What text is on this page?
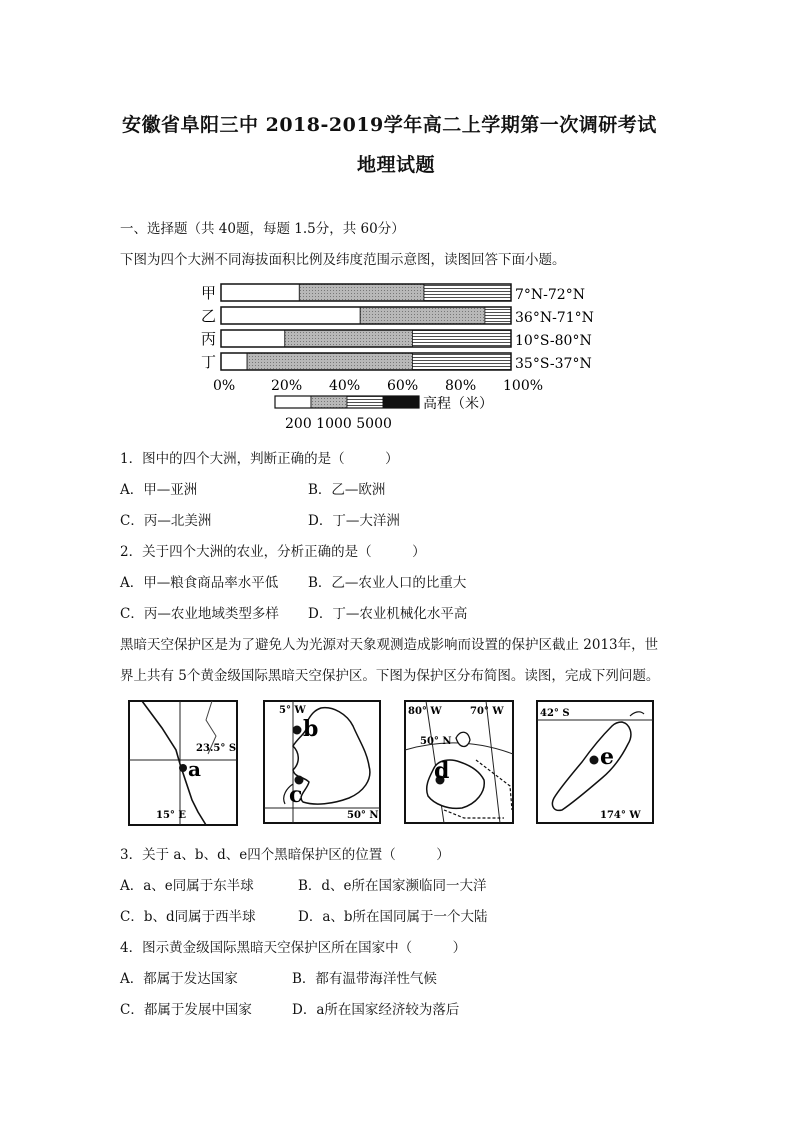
安徽省阜阳三中 2018-2019学年高二上学期第一次调研考试
地理试题
一、选择题（共 40题，每题 1.5分，共 60分）
下图为四个大洲不同海拔面积比例及纬度范围示意图，读图回答下面小题。
甲	7°N-72°N
乙	36°N-71°N
丙	10°S-80°N
丁	35°S-37°N
0%	20% 40% 60% 80% 100%
高程（米）
200 1000 5000
1．图中的四个大洲，判断正确的是（　　　）
A．甲—亚洲	B．乙—欧洲
C．丙—北美洲	D．丁—大洋洲
2．关于四个大洲的农业，分析正确的是（　　　）
A．甲—粮食商品率水平低 B．乙—农业人口的比重大
C．丙—农业地域类型多样 D．丁—农业机械化水平高
黑暗天空保护区是为了避免人为光源对天象观测造成影响而设置的保护区截止 2013年，世
界上共有 5个黄金级国际黑暗天空保护区。下图为保护区分布简图。读图，完成下列问题。
a
23.5° S
15° E
b
c
5° W
50° N
d
80° W	70° W
50° N
e
42° S
174° W
3．关于 a、b、d、e四个黑暗保护区的位置（　　　）
A．a、e同属于东半球	B．d、e所在国家濒临同一大洋
C．b、d同属于西半球	D．a、b所在国同属于一个大陆
4．图示黄金级国际黑暗天空保护区所在国家中（　　　）
A．都属于发达国家	B．都有温带海洋性气候
C．都属于发展中国家	D．a所在国家经济较为落后
